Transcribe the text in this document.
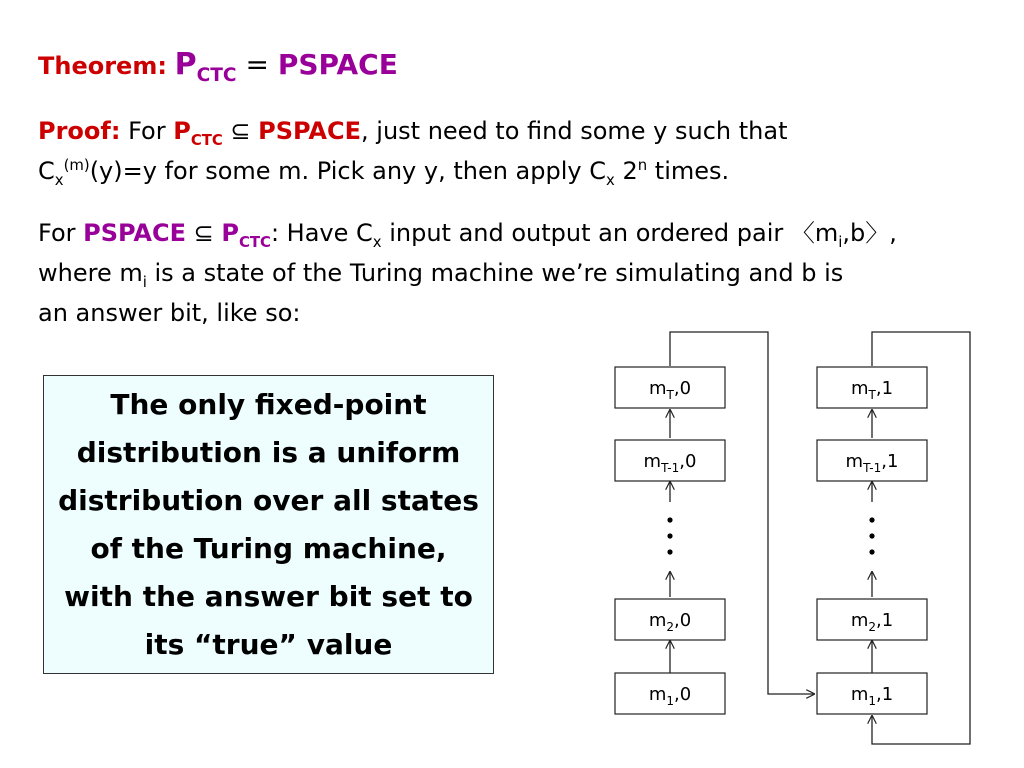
Theorem: $P_{CTC}$ = PSPACE
Proof: For $P_{CTC}$ ⊆ PSPACE, just need to find some y such that
$C_x^{(m)}(y)=y$ for some m. Pick any y, then apply $C_x$ 2$^n$ times.
For PSPACE ⊆ $P_{CTC}$: Have $C_x$ input and output an ordered pair 〈$m_i,b$〉,
where $m_i$ is a state of the Turing machine we’re simulating and b is
an answer bit, like so:

The only fixed-point
distribution is a uniform
distribution over all states
of the Turing machine,
with the answer bit set to
its “true” value

$m_T,0$
$m_{T-1},0$
$m_2,0$
$m_1,0$
$m_T,1$
$m_{T-1},1$
$m_2,1$
$m_1,1$
